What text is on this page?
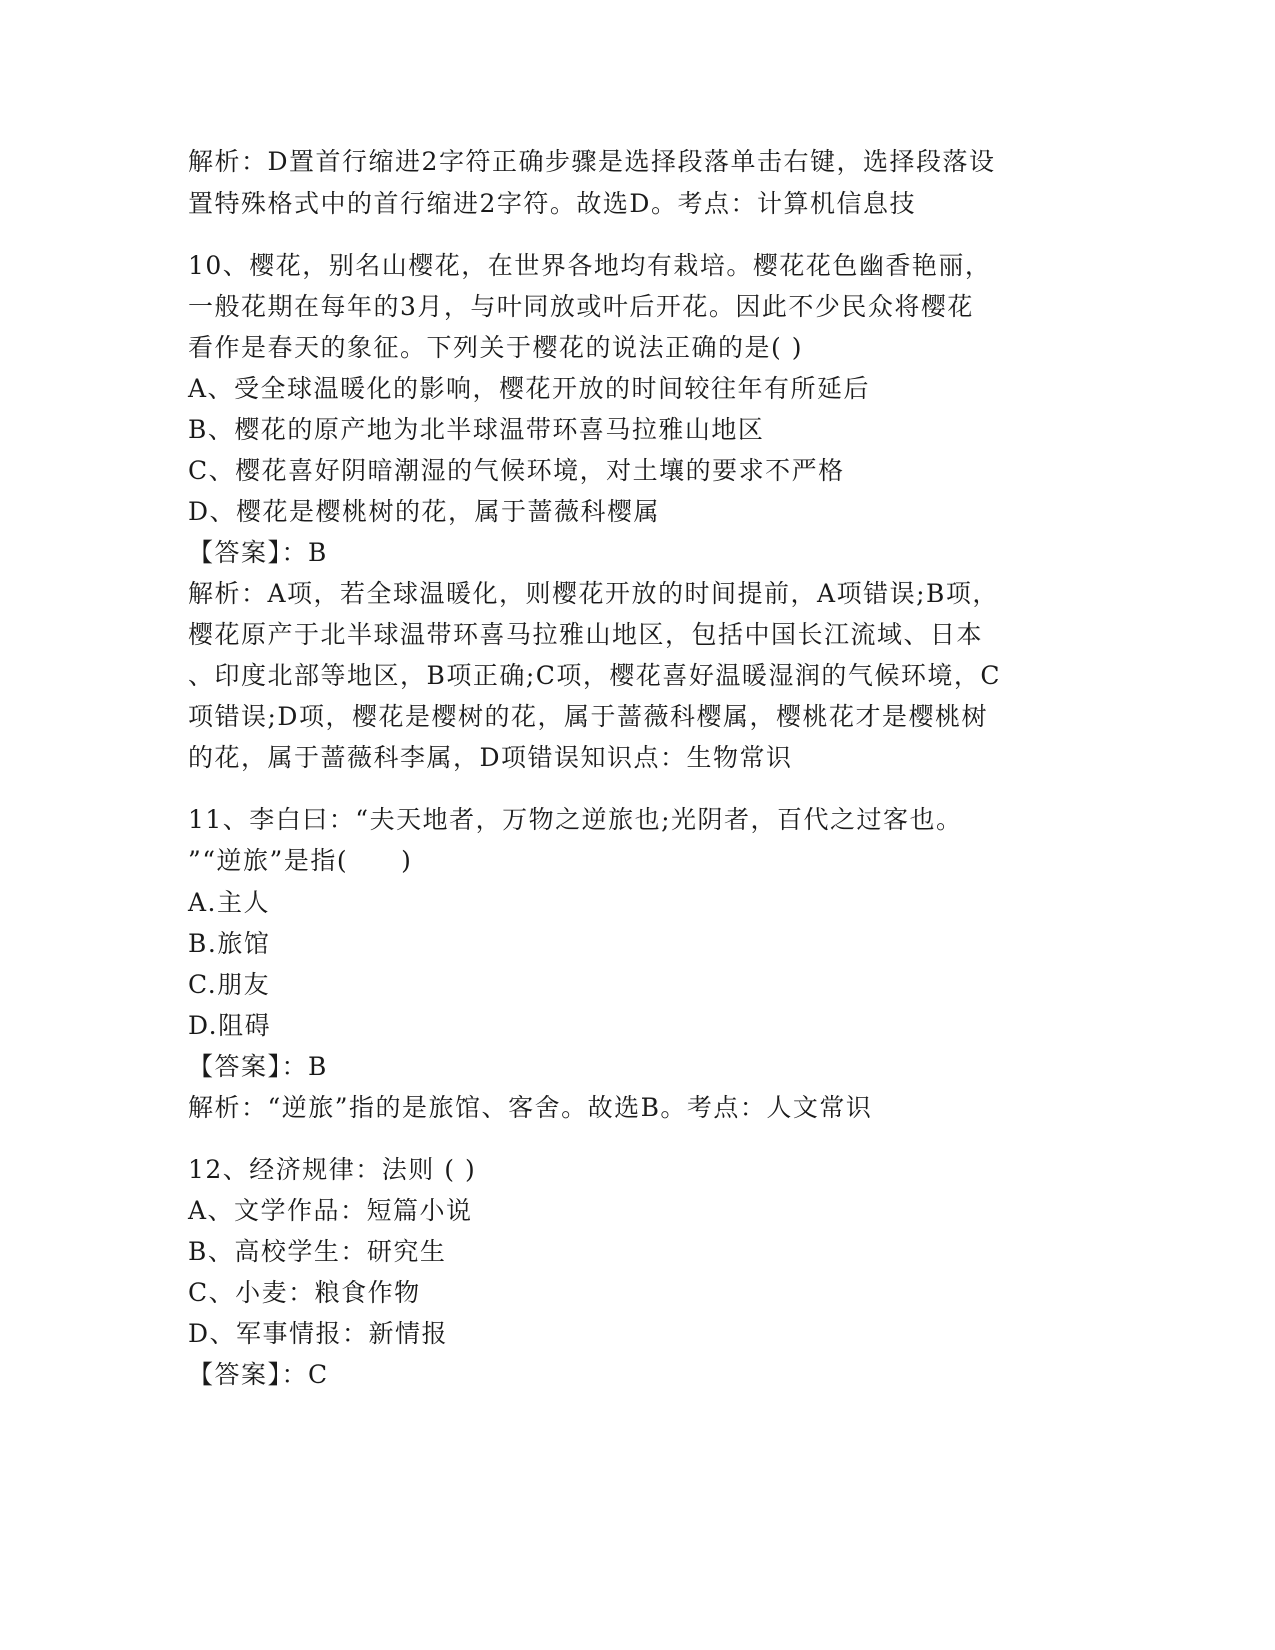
解析：D置首行缩进2字符正确步骤是选择段落单击右键，选择段落设
置特殊格式中的首行缩进2字符。故选D。考点：计算机信息技
10、樱花，别名山樱花，在世界各地均有栽培。樱花花色幽香艳丽，
一般花期在每年的3月，与叶同放或叶后开花。因此不少民众将樱花
看作是春天的象征。下列关于樱花的说法正确的是( )
A、受全球温暖化的影响，樱花开放的时间较往年有所延后
B、樱花的原产地为北半球温带环喜马拉雅山地区
C、樱花喜好阴暗潮湿的气候环境，对土壤的要求不严格
D、樱花是樱桃树的花，属于蔷薇科樱属
【答案】：B
解析：A项，若全球温暖化，则樱花开放的时间提前，A项错误;B项，
樱花原产于北半球温带环喜马拉雅山地区，包括中国长江流域、日本
、印度北部等地区，B项正确;C项，樱花喜好温暖湿润的气候环境，C
项错误;D项，樱花是樱树的花，属于蔷薇科樱属，樱桃花才是樱桃树
的花，属于蔷薇科李属，D项错误知识点：生物常识
11、李白曰：“夫天地者，万物之逆旅也;光阴者，百代之过客也。
”“逆旅”是指(　　)
A.主人
B.旅馆
C.朋友
D.阻碍
【答案】：B
解析：“逆旅”指的是旅馆、客舍。故选B。考点：人文常识
12、经济规律：法则 ( )
A、文学作品：短篇小说
B、高校学生：研究生
C、小麦：粮食作物
D、军事情报：新情报
【答案】：C
